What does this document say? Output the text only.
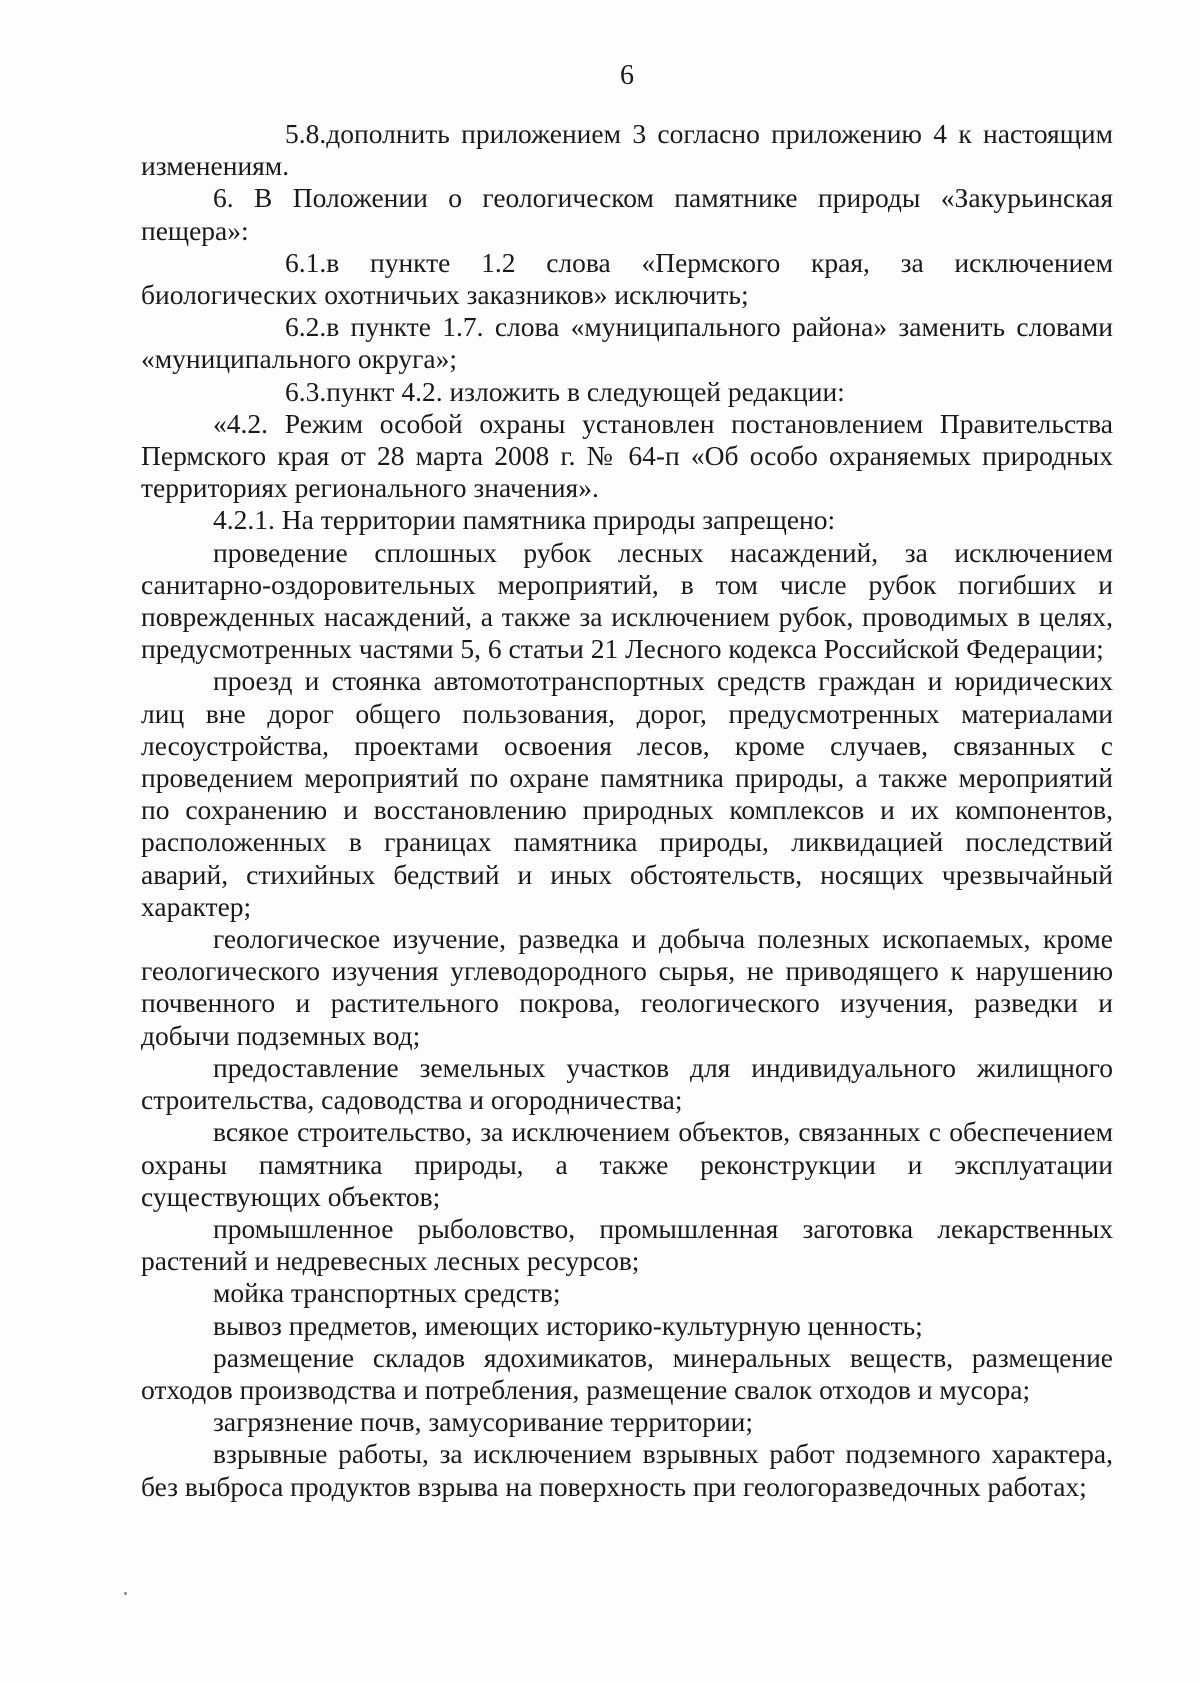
6

5.8.дополнить приложением 3 согласно приложению 4 к настоящим изменениям.

6. В Положении о геологическом памятнике природы «Закурьинская пещера»:

6.1.в пункте 1.2 слова «Пермского края, за исключением биологических охотничьих заказников» исключить;

6.2.в пункте 1.7. слова «муниципального района» заменить словами «муниципального округа»;

6.3.пункт 4.2. изложить в следующей редакции:

«4.2. Режим особой охраны установлен постановлением Правительства Пермского края от 28 марта 2008 г. № 64-п «Об особо охраняемых природных территориях регионального значения».

4.2.1. На территории памятника природы запрещено:

проведение сплошных рубок лесных насаждений, за исключением санитарно-оздоровительных мероприятий, в том числе рубок погибших и поврежденных насаждений, а также за исключением рубок, проводимых в целях, предусмотренных частями 5, 6 статьи 21 Лесного кодекса Российской Федерации;

проезд и стоянка автомототранспортных средств граждан и юридических лиц вне дорог общего пользования, дорог, предусмотренных материалами лесоустройства, проектами освоения лесов, кроме случаев, связанных с проведением мероприятий по охране памятника природы, а также мероприятий по сохранению и восстановлению природных комплексов и их компонентов, расположенных в границах памятника природы, ликвидацией последствий аварий, стихийных бедствий и иных обстоятельств, носящих чрезвычайный характер;

геологическое изучение, разведка и добыча полезных ископаемых, кроме геологического изучения углеводородного сырья, не приводящего к нарушению почвенного и растительного покрова, геологического изучения, разведки и добычи подземных вод;

предоставление земельных участков для индивидуального жилищного строительства, садоводства и огородничества;

всякое строительство, за исключением объектов, связанных с обеспечением охраны памятника природы, а также реконструкции и эксплуатации существующих объектов;

промышленное рыболовство, промышленная заготовка лекарственных растений и недревесных лесных ресурсов;

мойка транспортных средств;

вывоз предметов, имеющих историко-культурную ценность;

размещение складов ядохимикатов, минеральных веществ, размещение отходов производства и потребления, размещение свалок отходов и мусора;

загрязнение почв, замусоривание территории;

взрывные работы, за исключением взрывных работ подземного характера, без выброса продуктов взрыва на поверхность при геологоразведочных работах;
